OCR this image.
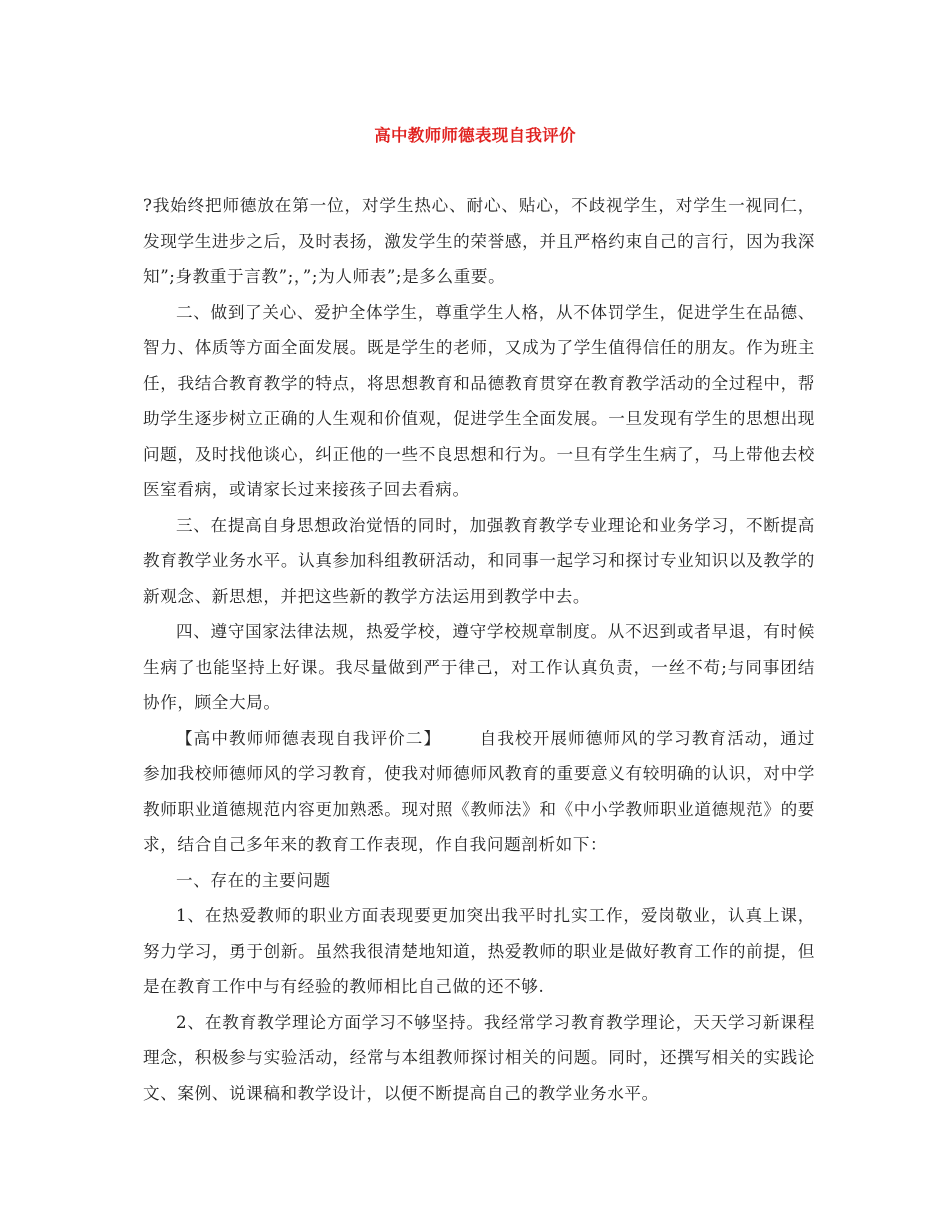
高中教师师德表现自我评价

?我始终把师德放在第一位，对学生热心、耐心、贴心，不歧视学生，对学生一视同仁，发现学生进步之后，及时表扬，激发学生的荣誉感，并且严格约束自己的言行，因为我深知”;身教重于言教”;，”;为人师表”;是多么重要。

二、做到了关心、爱护全体学生，尊重学生人格，从不体罚学生，促进学生在品德、智力、体质等方面全面发展。既是学生的老师，又成为了学生值得信任的朋友。作为班主任，我结合教育教学的特点，将思想教育和品德教育贯穿在教育教学活动的全过程中，帮助学生逐步树立正确的人生观和价值观，促进学生全面发展。一旦发现有学生的思想出现问题，及时找他谈心，纠正他的一些不良思想和行为。一旦有学生生病了，马上带他去校医室看病，或请家长过来接孩子回去看病。

三、在提高自身思想政治觉悟的同时，加强教育教学专业理论和业务学习，不断提高教育教学业务水平。认真参加科组教研活动，和同事一起学习和探讨专业知识以及教学的新观念、新思想，并把这些新的教学方法运用到教学中去。

四、遵守国家法律法规，热爱学校，遵守学校规章制度。从不迟到或者早退，有时候生病了也能坚持上好课。我尽量做到严于律己，对工作认真负责，一丝不苟;与同事团结协作，顾全大局。

【高中教师师德表现自我评价二】 自我校开展师德师风的学习教育活动，通过参加我校师德师风的学习教育，使我对师德师风教育的重要意义有较明确的认识，对中学教师职业道德规范内容更加熟悉。现对照《教师法》和《中小学教师职业道德规范》的要求，结合自己多年来的教育工作表现，作自我问题剖析如下：

一、存在的主要问题

1、在热爱教师的职业方面表现要更加突出我平时扎实工作，爱岗敬业，认真上课，努力学习，勇于创新。虽然我很清楚地知道，热爱教师的职业是做好教育工作的前提，但是在教育工作中与有经验的教师相比自己做的还不够.

2、在教育教学理论方面学习不够坚持。我经常学习教育教学理论，天天学习新课程理念，积极参与实验活动，经常与本组教师探讨相关的问题。同时，还撰写相关的实践论文、案例、说课稿和教学设计，以便不断提高自己的教学业务水平。
